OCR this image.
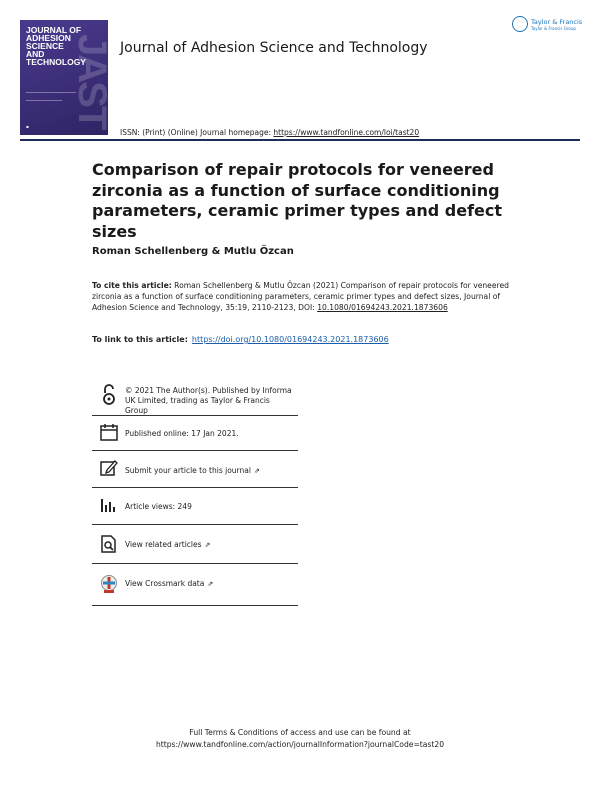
JOURNAL OF
ADHESION
SCIENCE
AND
TECHNOLOGY
JAST
▪
Journal of Adhesion Science and Technology
ISSN: (Print) (Online) Journal homepage: https://www.tandfonline.com/loi/tast20
Taylor & Francis
Taylor & Francis Group
Comparison of repair protocols for veneered zirconia as a function of surface conditioning parameters, ceramic primer types and defect sizes
Roman Schellenberg & Mutlu Özcan
To cite this article: Roman Schellenberg & Mutlu Özcan (2021) Comparison of repair protocols for veneered zirconia as a function of surface conditioning parameters, ceramic primer types and defect sizes, Journal of Adhesion Science and Technology, 35:19, 2110-2123, DOI: 10.1080/01694243.2021.1873606
To link to this article: https://doi.org/10.1080/01694243.2021.1873606
© 2021 The Author(s). Published by Informa UK Limited, trading as Taylor & Francis Group
Published online: 17 Jan 2021.
Submit your article to this journal ⇗
Article views: 249
View related articles ⇗
View Crossmark data ⇗
Full Terms & Conditions of access and use can be found at
https://www.tandfonline.com/action/journalInformation?journalCode=tast20
